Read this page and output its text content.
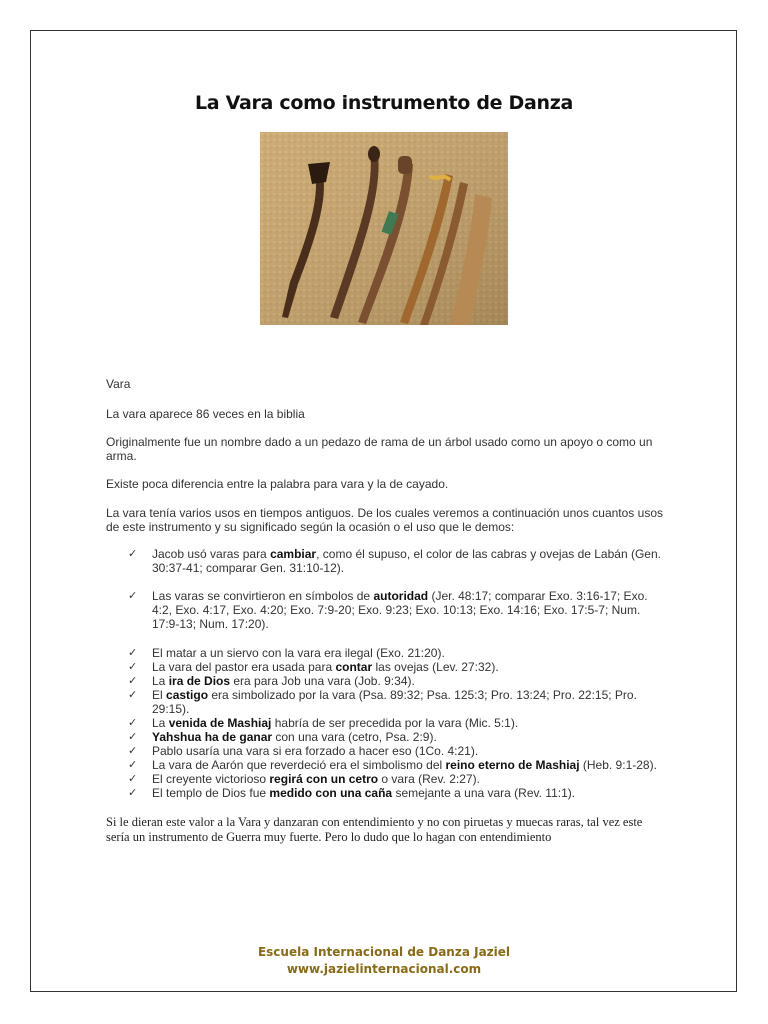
La Vara como instrumento de Danza
Vara
La vara aparece 86 veces en la biblia
Originalmente fue un nombre dado a un pedazo de rama de un árbol usado como un apoyo o como un arma.
Existe poca diferencia entre la palabra para vara y la de cayado.
La vara tenía varios usos en tiempos antiguos. De los cuales veremos a continuación unos cuantos usos de este instrumento y su significado según la ocasión o el uso que le demos:
✓ Jacob usó varas para cambiar, como él supuso, el color de las cabras y ovejas de Labán (Gen. 30:37-41; comparar Gen. 31:10-12).
✓ Las varas se convirtieron en símbolos de autoridad (Jer. 48:17; comparar Exo. 3:16-17; Exo. 4:2, Exo. 4:17, Exo. 4:20; Exo. 7:9-20; Exo. 9:23; Exo. 10:13; Exo. 14:16; Exo. 17:5-7; Num. 17:9-13; Num. 17:20).
✓ El matar a un siervo con la vara era ilegal (Exo. 21:20).
✓ La vara del pastor era usada para contar las ovejas (Lev. 27:32).
✓ La ira de Dios era para Job una vara (Job. 9:34).
✓ El castigo era simbolizado por la vara (Psa. 89:32; Psa. 125:3; Pro. 13:24; Pro. 22:15; Pro. 29:15).
✓ La venida de Mashiaj habría de ser precedida por la vara (Mic. 5:1).
✓ Yahshua ha de ganar con una vara (cetro, Psa. 2:9).
✓ Pablo usaría una vara si era forzado a hacer eso (1Co. 4:21).
✓ La vara de Aarón que reverdeció era el simbolismo del reino eterno de Mashiaj (Heb. 9:1-28).
✓ El creyente victorioso regirá con un cetro o vara (Rev. 2:27).
✓ El templo de Dios fue medido con una caña semejante a una vara (Rev. 11:1).
Si le dieran este valor a la Vara y danzaran con entendimiento y no con piruetas y muecas raras, tal vez este sería un instrumento de Guerra muy fuerte. Pero lo dudo que lo hagan con entendimiento
Escuela Internacional de Danza Jaziel
www.jazielinternacional.com
